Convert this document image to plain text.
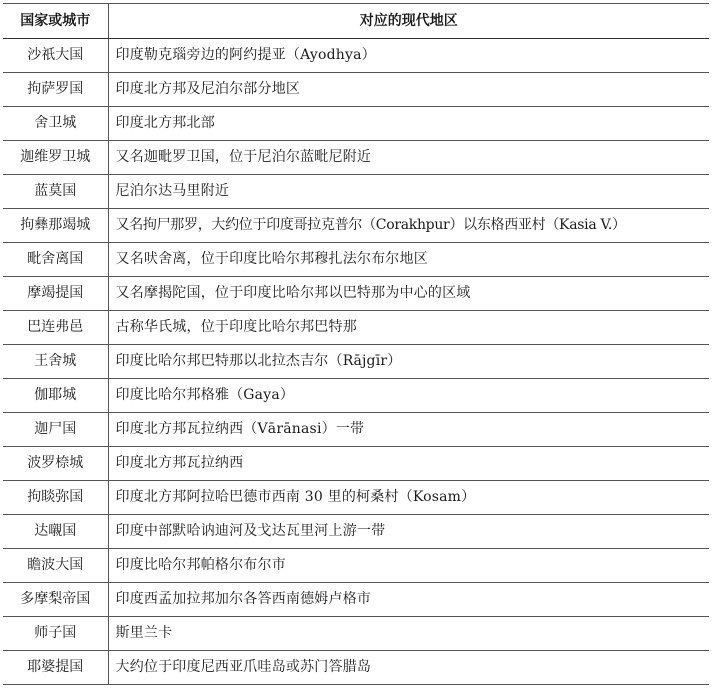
国家或城市	对应的现代地区
沙祇大国	印度勒克瑙旁边的阿约提亚（Ayodhya）
拘萨罗国	印度北方邦及尼泊尔部分地区
舍卫城	印度北方邦北部
迦维罗卫城	又名迦毗罗卫国，位于尼泊尔蓝毗尼附近
蓝莫国	尼泊尔达马里附近
拘彝那竭城	又名拘尸那罗，大约位于印度哥拉克普尔（Corakhpur）以东格西亚村（Kasia V.）
毗舍离国	又名吠舍离，位于印度比哈尔邦穆扎法尔布尔地区
摩竭提国	又名摩揭陀国，位于印度比哈尔邦以巴特那为中心的区域
巴连弗邑	古称华氏城，位于印度比哈尔邦巴特那
王舍城	印度比哈尔邦巴特那以北拉杰吉尔（Rājgīr）
伽耶城	印度比哈尔邦格雅（Gaya）
迦尸国	印度北方邦瓦拉纳西（Vārānasi）一带
波罗㮈城	印度北方邦瓦拉纳西
拘睒弥国	印度北方邦阿拉哈巴德市西南 30 里的柯桑村（Kosam）
达嚫国	印度中部默哈讷迪河及戈达瓦里河上游一带
瞻波大国	印度比哈尔邦帕格尔布尔市
多摩梨帝国	印度西孟加拉邦加尔各答西南德姆卢格市
师子国	斯里兰卡
耶婆提国	大约位于印度尼西亚爪哇岛或苏门答腊岛
